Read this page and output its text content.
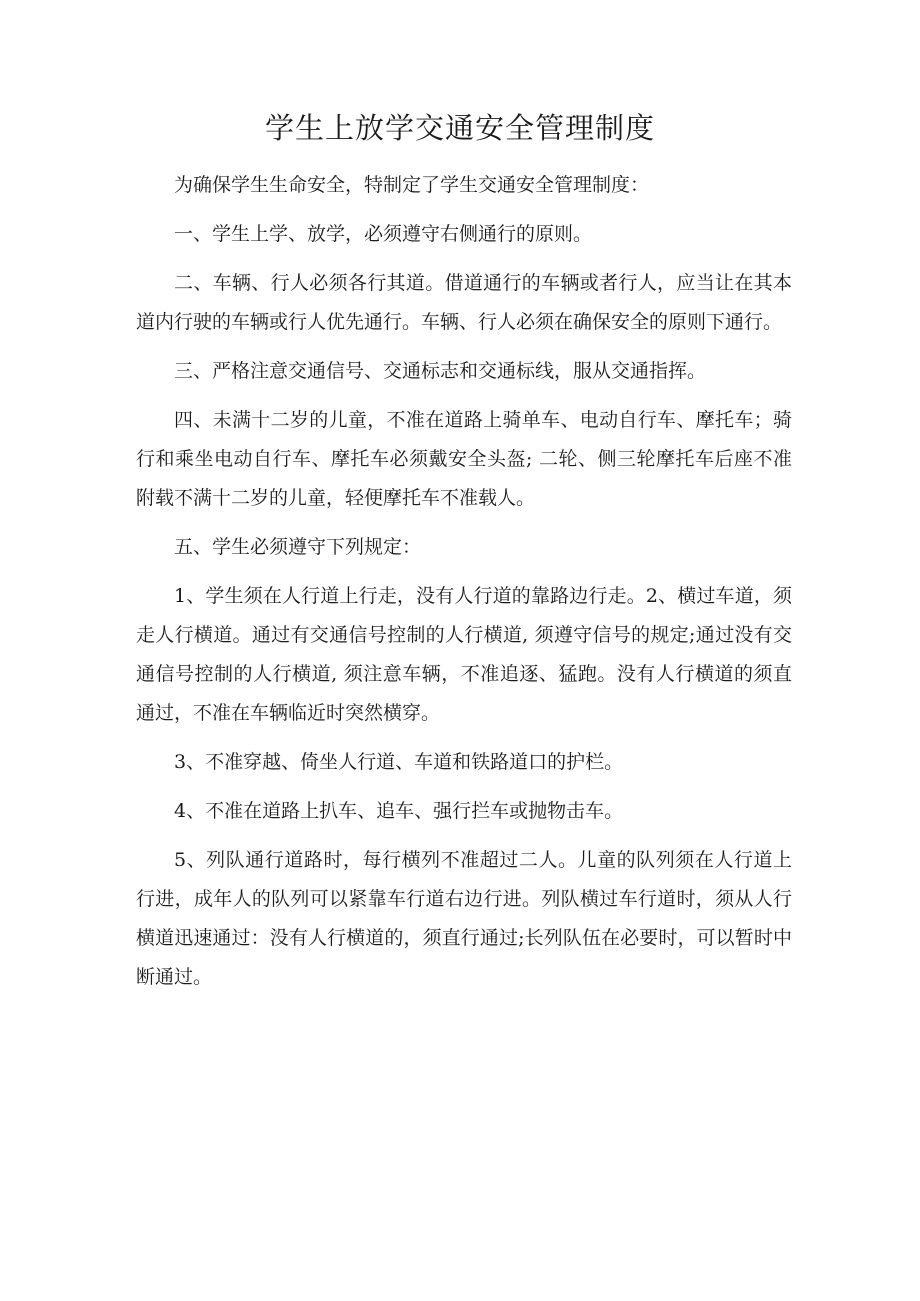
学生上放学交通安全管理制度

为确保学生生命安全，特制定了学生交通安全管理制度：

一、学生上学、放学，必须遵守右侧通行的原则。

二、车辆、行人必须各行其道。借道通行的车辆或者行人，应当让在其本道内行驶的车辆或行人优先通行。车辆、行人必须在确保安全的原则下通行。

三、严格注意交通信号、交通标志和交通标线，服从交通指挥。

四、未满十二岁的儿童，不准在道路上骑单车、电动自行车、摩托车；骑行和乘坐电动自行车、摩托车必须戴安全头盔; 二轮、侧三轮摩托车后座不准附载不满十二岁的儿童，轻便摩托车不准载人。

五、学生必须遵守下列规定：

1、学生须在人行道上行走，没有人行道的靠路边行走。2、横过车道，须走人行横道。通过有交通信号控制的人行横道, 须遵守信号的规定;通过没有交通信号控制的人行横道, 须注意车辆，不准追逐、猛跑。没有人行横道的须直通过，不准在车辆临近时突然横穿。

3、不准穿越、倚坐人行道、车道和铁路道口的护栏。

4、不准在道路上扒车、追车、强行拦车或抛物击车。

5、列队通行道路时，每行横列不准超过二人。儿童的队列须在人行道上行进，成年人的队列可以紧靠车行道右边行进。列队横过车行道时，须从人行横道迅速通过：没有人行横道的，须直行通过;长列队伍在必要时，可以暂时中断通过。
